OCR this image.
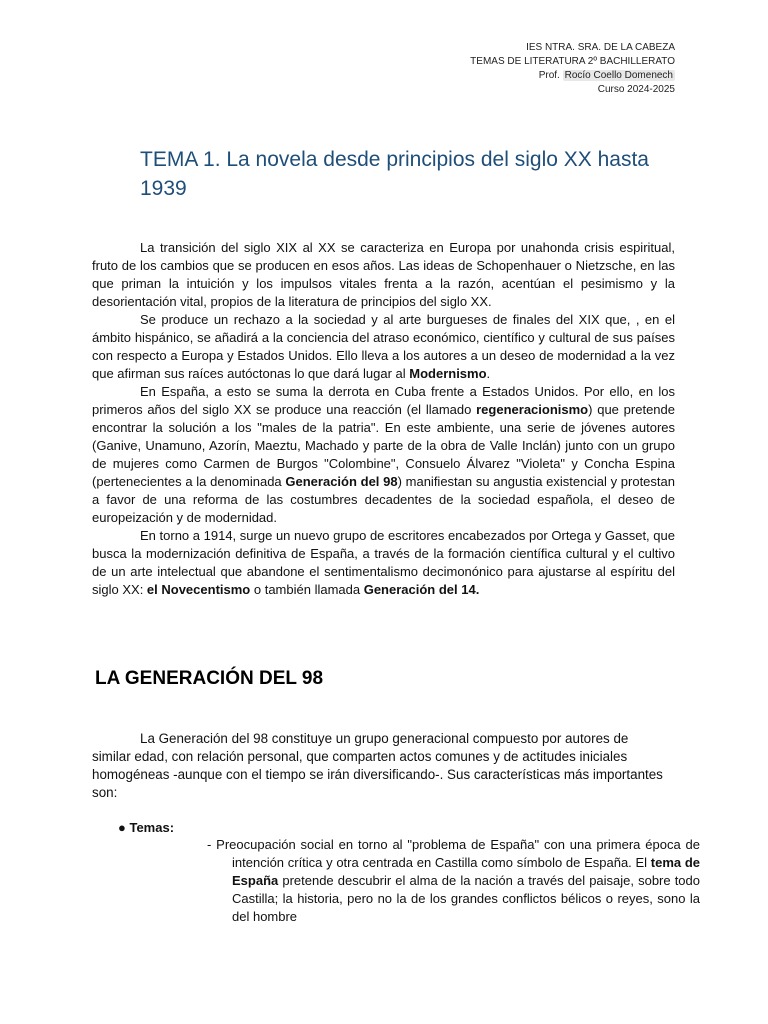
IES NTRA. SRA. DE LA CABEZA
TEMAS DE LITERATURA 2º BACHILLERATO
Prof. Rocío Coello Domenech
Curso 2024-2025
TEMA 1. La novela desde principios del siglo XX hasta 1939

La transición del siglo XIX al XX se caracteriza en Europa por unahonda crisis espiritual, fruto de los cambios que se producen en esos años. Las ideas de Schopenhauer o Nietzsche, en las que priman la intuición y los impulsos vitales frenta a la razón, acentúan el pesimismo y la desorientación vital, propios de la literatura de principios del siglo XX.

Se produce un rechazo a la sociedad y al arte burgueses de finales del XIX que, , en el ámbito hispánico, se añadirá a la conciencia del atraso económico, científico y cultural de sus países con respecto a Europa y Estados Unidos. Ello lleva a los autores a un deseo de modernidad a la vez que afirman sus raíces autóctonas lo que dará lugar al Modernismo.

En España, a esto se suma la derrota en Cuba frente a Estados Unidos. Por ello, en los primeros años del siglo XX se produce una reacción (el llamado regeneracionismo) que pretende encontrar la solución a los "males de la patria". En este ambiente, una serie de jóvenes autores (Ganive, Unamuno, Azorín, Maeztu, Machado y parte de la obra de Valle Inclán) junto con un grupo de mujeres como Carmen de Burgos "Colombine", Consuelo Álvarez "Violeta" y Concha Espina (pertenecientes a la denominada Generación del 98) manifiestan su angustia existencial y protestan a favor de una reforma de las costumbres decadentes de la sociedad española, el deseo de europeización y de modernidad.

En torno a 1914, surge un nuevo grupo de escritores encabezados por Ortega y Gasset, que busca la modernización definitiva de España, a través de la formación científica cultural y el cultivo de un arte intelectual que abandone el sentimentalismo decimonónico para ajustarse al espíritu del siglo XX: el Novecentismo o también llamada Generación del 14.

LA GENERACIÓN DEL 98

La Generación del 98 constituye un grupo generacional compuesto por autores de similar edad, con relación personal, que comparten actos comunes y de actitudes iniciales homogéneas -aunque con el tiempo se irán diversificando-. Sus características más importantes son:

● Temas:

- Preocupación social en torno al "problema de España" con una primera época de intención crítica y otra centrada en Castilla como símbolo de España. El tema de España pretende descubrir el alma de la nación a través del paisaje, sobre todo Castilla; la historia, pero no la de los grandes conflictos bélicos o reyes, sono la del hombre
